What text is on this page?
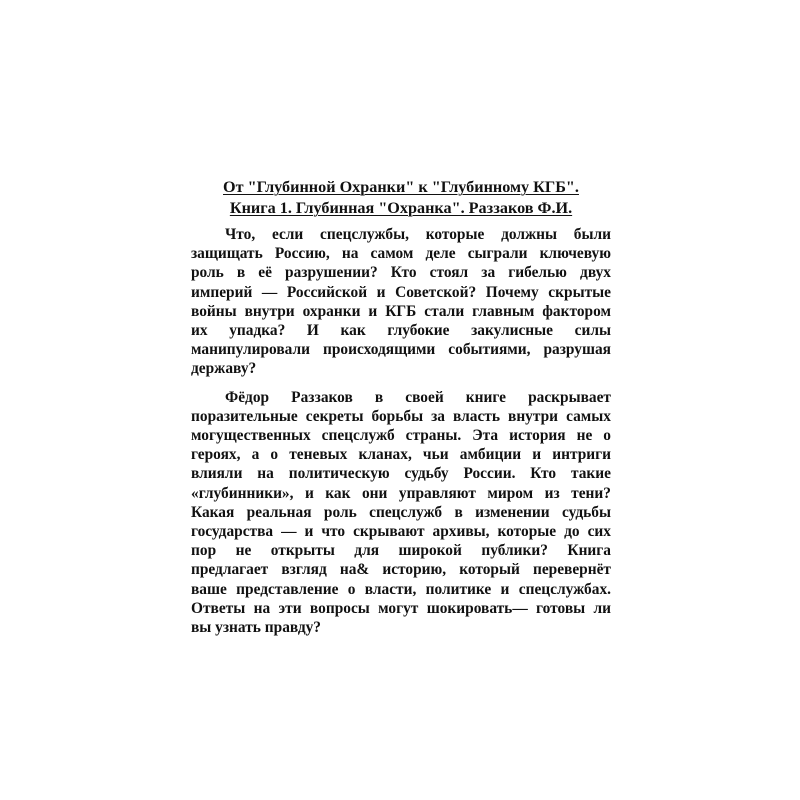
От "Глубинной Охранки" к "Глубинному КГБ".
Книга 1. Глубинная "Охранка". Раззаков Ф.И.
Что, если спецслужбы, которые должны были
защищать Россию, на самом деле сыграли ключевую
роль в её разрушении? Кто стоял за гибелью двух
империй — Российской и Советской? Почему скрытые
войны внутри охранки и КГБ стали главным фактором
их упадка? И как глубокие закулисные силы
манипулировали происходящими событиями, разрушая
державу?
Фёдор Раззаков в своей книге раскрывает
поразительные секреты борьбы за власть внутри самых
могущественных спецслужб страны. Эта история не о
героях, а о теневых кланах, чьи амбиции и интриги
влияли на политическую судьбу России. Кто такие
«глубинники», и как они управляют миром из тени?
Какая реальная роль спецслужб в изменении судьбы
государства — и что скрывают архивы, которые до сих
пор не открыты для широкой публики? Книга
предлагает взгляд на& историю, который перевернёт
ваше представление о власти, политике и спецслужбах.
Ответы на эти вопросы могут шокировать— готовы ли
вы узнать правду?
